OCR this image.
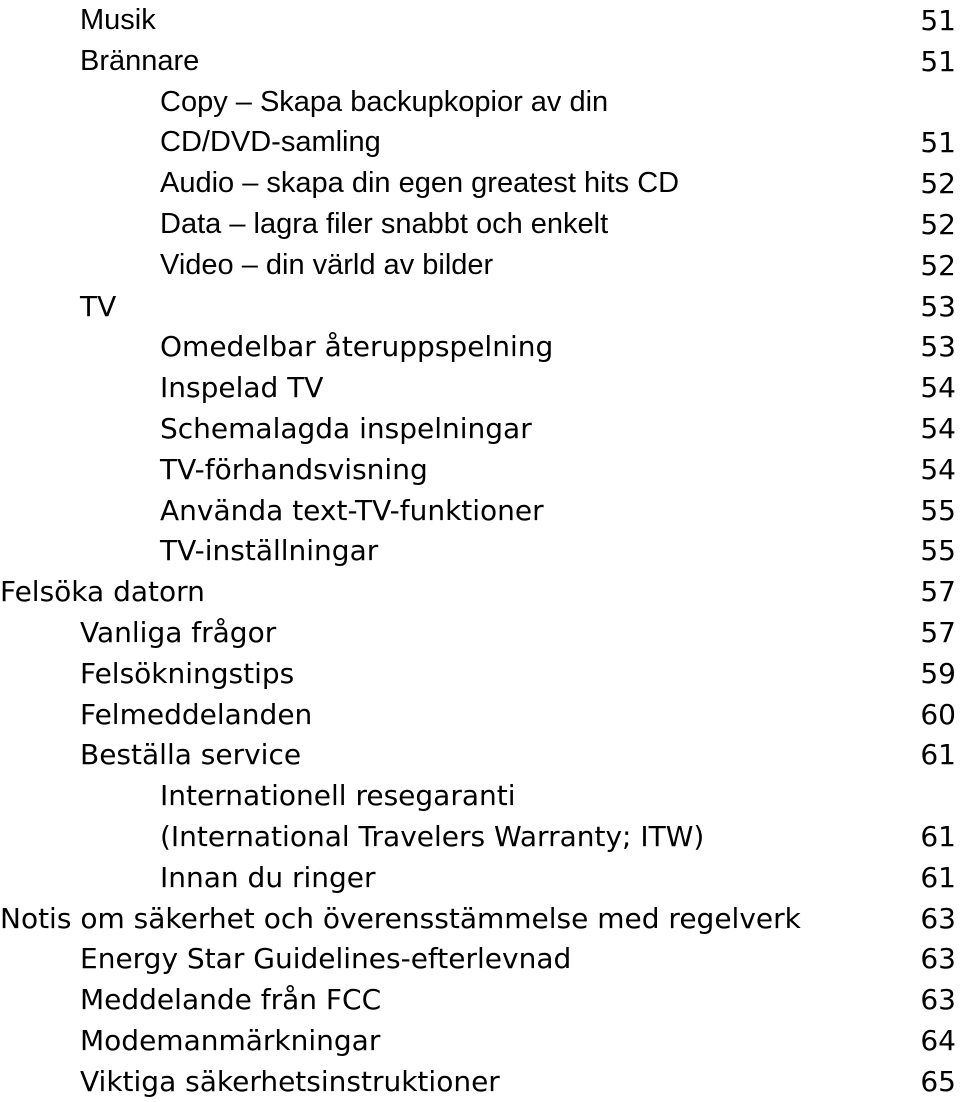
Musik	51
Brännare	51
Copy – Skapa backupkopior av din
CD/DVD-samling	51
Audio – skapa din egen greatest hits CD	52
Data – lagra filer snabbt och enkelt	52
Video – din värld av bilder	52
TV	53
Omedelbar återuppspelning	53
Inspelad TV	54
Schemalagda inspelningar	54
TV-förhandsvisning	54
Använda text-TV-funktioner	55
TV-inställningar	55
Felsöka datorn	57
Vanliga frågor	57
Felsökningstips	59
Felmeddelanden	60
Beställa service	61
Internationell resegaranti
(International Travelers Warranty; ITW)	61
Innan du ringer	61
Notis om säkerhet och överensstämmelse med regelverk	63
Energy Star Guidelines-efterlevnad	63
Meddelande från FCC	63
Modemanmärkningar	64
Viktiga säkerhetsinstruktioner	65
